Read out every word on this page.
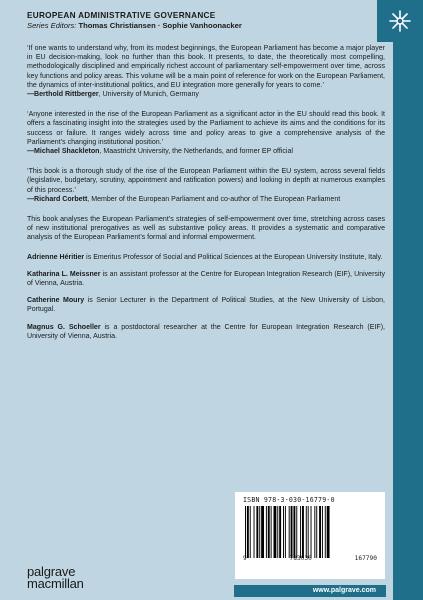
EUROPEAN ADMINISTRATIVE GOVERNANCE
Series Editors: Thomas Christiansen · Sophie Vanhoonacker

‘If one wants to understand why, from its modest beginnings, the European Parliament has become a major player in EU decision-making, look no further than this book. It presents, to date, the theoretically most compelling, methodologically disciplined and empirically richest account of parliamentary self-empowerment over time, across key functions and policy areas. This volume will be a main point of reference for work on the European Parliament, the dynamics of inter-institutional politics, and EU integration more generally for years to come.’

—Berthold Rittberger, University of Munich, Germany

‘Anyone interested in the rise of the European Parliament as a significant actor in the EU should read this book. It offers a fascinating insight into the strategies used by the Parliament to achieve its aims and the conditions for its success or failure. It ranges widely across time and policy areas to give a comprehensive analysis of the Parliament’s changing institutional position.’

—Michael Shackleton, Maastricht University, the Netherlands, and former EP official

‘This book is a thorough study of the rise of the European Parliament within the EU system, across several fields (legislative, budgetary, scrutiny, appointment and ratification powers) and looking in depth at numerous examples of this process.’

—Richard Corbett, Member of the European Parliament and co-author of The European Parliament

This book analyses the European Parliament’s strategies of self-empowerment over time, stretching across cases of new institutional prerogatives as well as substantive policy areas. It provides a systematic and comparative analysis of the European Parliament’s formal and informal empowerment.

Adrienne Héritier is Emeritus Professor of Social and Political Sciences at the European University Institute, Italy.

Katharina L. Meissner is an assistant professor at the Centre for European Integration Research (EIF), University of Vienna, Austria.

Catherine Moury is Senior Lecturer in the Department of Political Studies, at the New University of Lisbon, Portugal.

Magnus G. Schoeller is a postdoctoral researcher at the Centre for European Integration Research (EIF), University of Vienna, Austria.

ISBN 978-3-030-16779-0
9	783030	167790
www.palgrave.com
palgrave
macmillan
